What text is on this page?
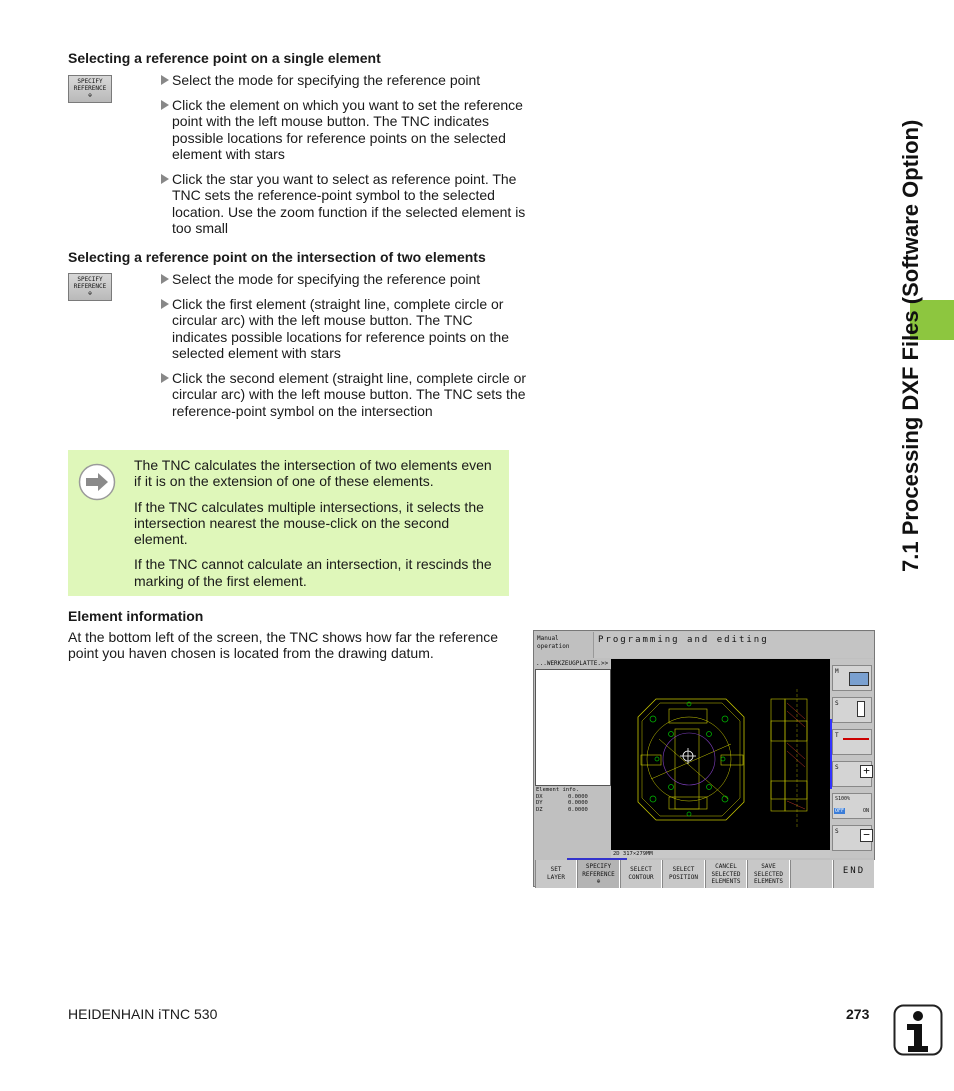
Selecting a reference point on a single element
SPECIFY
REFERENCE
⊕
Select the mode for specifying the reference point
Click the element on which you want to set the reference point with the left mouse button. The TNC indicates possible locations for reference points on the selected element with stars
Click the star you want to select as reference point. The TNC sets the reference-point symbol to the selected location. Use the zoom function if the selected element is too small
Selecting a reference point on the intersection of two elements
SPECIFY
REFERENCE
⊕
Select the mode for specifying the reference point
Click the first element (straight line, complete circle or circular arc) with the left mouse button. The TNC indicates possible locations for reference points on the selected element with stars
Click the second element (straight line, complete circle or circular arc) with the left mouse button. The TNC sets the reference-point symbol on the intersection

The TNC calculates the intersection of two elements even if it is on the extension of one of these elements.

If the TNC calculates multiple intersections, it selects the intersection nearest the mouse-click on the second element.

If the TNC cannot calculate an intersection, it rescinds the marking of the first element.

Element information
At the bottom left of the screen, the TNC shows how far the reference point you haven chosen is located from the drawing datum.
7.1 Processing DXF Files (Software Option)
Manual
operation
Programming and editing
...WERKZEUGPLATTE.>>
Element info.
DX	0.0000
DY	0.0000
DZ	0.0000
2D 317×279MM
M
S
T
S +
S100%
OFF	ON
S −
SET
LAYER
SPECIFY
REFERENCE
⊕
SELECT
CONTOUR
SELECT
POSITION
CANCEL
SELECTED
ELEMENTS
SAVE
SELECTED
ELEMENTS
END
HEIDENHAIN iTNC 530	273
